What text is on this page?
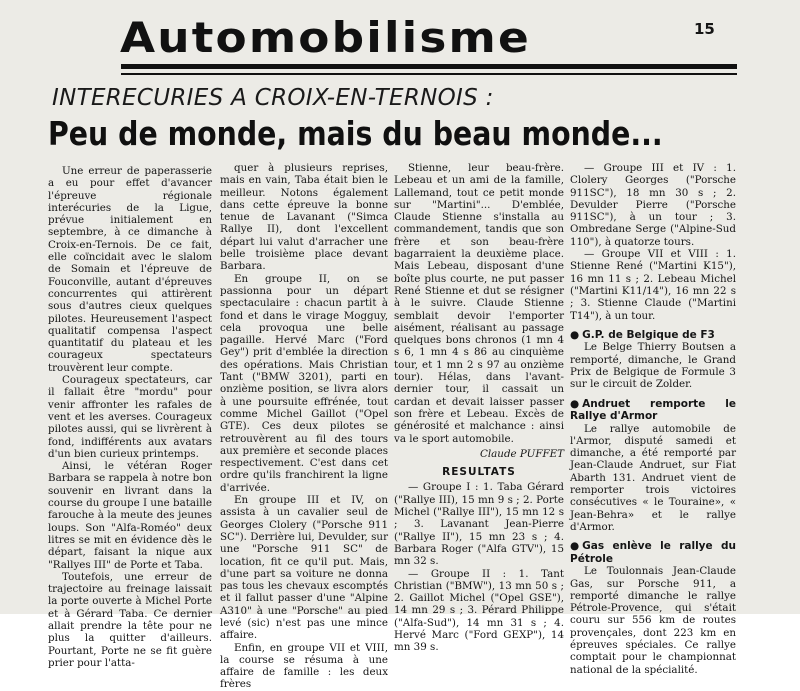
Automobilisme	15
INTERECURIES A CROIX-EN-TERNOIS :
Peu de monde, mais du beau monde...

Une erreur de paperasserie a eu pour effet d'avancer l'épreuve régionale interécuries de la Ligue, prévue initialement en septembre, à ce dimanche à Croix-en-Ternois. De ce fait, elle coïncidait avec le slalom de Somain et l'épreuve de Fouconville, autant d'épreuves concurrentes qui attirèrent sous d'autres cieux quelques pilotes. Heureusement l'aspect qualitatif compensa l'aspect quantitatif du plateau et les courageux spectateurs trouvèrent leur compte.

Courageux spectateurs, car il fallait être "mordu" pour venir affronter les rafales de vent et les averses. Courageux pilotes aussi, qui se livrèrent à fond, indifférents aux avatars d'un bien curieux printemps.

Ainsi, le vétéran Roger Barbara se rappela à notre bon souvenir en livrant dans la course du groupe I une bataille farouche à la meute des jeunes loups. Son "Alfa-Roméo" deux litres se mit en évidence dès le départ, faisant la nique aux "Rallyes III" de Porte et Taba.

Toutefois, une erreur de trajectoire au freinage laissait la porte ouverte à Michel Porte et à Gérard Taba. Ce dernier allait prendre la tête pour ne plus la quitter d'ailleurs. Pourtant, Porte ne se fit guère prier pour l'atta-

quer à plusieurs reprises, mais en vain, Taba était bien le meilleur. Notons également dans cette épreuve la bonne tenue de Lavanant ("Simca Rallye II), dont l'excellent départ lui valut d'arracher une belle troisième place devant Barbara.

En groupe II, on se passionna pour un départ spectaculaire : chacun partit à fond et dans le virage Mogguy, cela provoqua une belle pagaille. Hervé Marc ("Ford Gey") prit d'emblée la direction des opérations. Mais Christian Tant ("BMW 3201), parti en onzième position, se livra alors à une poursuite effrénée, tout comme Michel Gaillot ("Opel GTE). Ces deux pilotes se retrouvèrent au fil des tours aux première et seconde places respectivement. C'est dans cet ordre qu'ils franchirent la ligne d'arrivée.

En groupe III et IV, on assista à un cavalier seul de Georges Clolery ("Porsche 911 SC"). Derrière lui, Devulder, sur une "Porsche 911 SC" de location, fit ce qu'il put. Mais, d'une part sa voiture ne donna pas tous les chevaux escomptés et il fallut passer d'une "Alpine A310" à une "Porsche" au pied levé (sic) n'est pas une mince affaire.

Enfin, en groupe VII et VIII, la course se résuma à une affaire de famille : les deux frères

Stienne, leur beau-frère. Lebeau et un ami de la famille, Lallemand, tout ce petit monde sur "Martini"... D'emblée, Claude Stienne s'installa au commandement, tandis que son frère et son beau-frère bagarraient la deuxième place. Mais Lebeau, disposant d'une boîte plus courte, ne put passer René Stienne et dut se résigner à le suivre. Claude Stienne semblait devoir l'emporter aisément, réalisant au passage quelques bons chronos (1 mn 4 s 6, 1 mn 4 s 86 au cinquième tour, et 1 mn 2 s 97 au onzième tour). Hélas, dans l'avant-dernier tour, il cassait un cardan et devait laisser passer son frère et Lebeau. Excès de générosité et malchance : ainsi va le sport automobile.

Claude PUFFET
RESULTATS

— Groupe I : 1. Taba Gérard ("Rallye III), 15 mn 9 s ; 2. Porte Michel ("Rallye III"), 15 mn 12 s ; 3. Lavanant Jean-Pierre ("Rallye II"), 15 mn 23 s ; 4. Barbara Roger ("Alfa GTV"), 15 mn 32 s.

— Groupe II : 1. Tant Christian ("BMW"), 13 mn 50 s ; 2. Gaillot Michel ("Opel GSE"), 14 mn 29 s ; 3. Pérard Philippe ("Alfa-Sud"), 14 mn 31 s ; 4. Hervé Marc ("Ford GEXP"), 14 mn 39 s.

— Groupe III et IV : 1. Clolery Georges ("Porsche 911SC"), 18 mn 30 s ; 2. Devulder Pierre ("Porsche 911SC"), à un tour ; 3. Ombredane Serge ("Alpine-Sud 110"), à quatorze tours.

— Groupe VII et VIII : 1. Stienne René ("Martini K15"), 16 mn 11 s ; 2. Lebeau Michel ("Martini K11/14"), 16 mn 22 s ; 3. Stienne Claude ("Martini T14"), à un tour.

● G.P. de Belgique de F3

Le Belge Thierry Boutsen a remporté, dimanche, le Grand Prix de Belgique de Formule 3 sur le circuit de Zolder.

● Andruet remporte le Rallye d'Armor

Le rallye automobile de l'Armor, disputé samedi et dimanche, a été remporté par Jean-Claude Andruet, sur Fiat Abarth 131. Andruet vient de remporter trois victoires consécutives « le Touraine», « Jean-Behra» et le rallye d'Armor.

● Gas enlève le rallye du Pétrole

Le Toulonnais Jean-Claude Gas, sur Porsche 911, a remporté dimanche le rallye Pétrole-Provence, qui s'était couru sur 556 km de routes provençales, dont 223 km en épreuves spéciales. Ce rallye comptait pour le championnat national de la spécialité.
